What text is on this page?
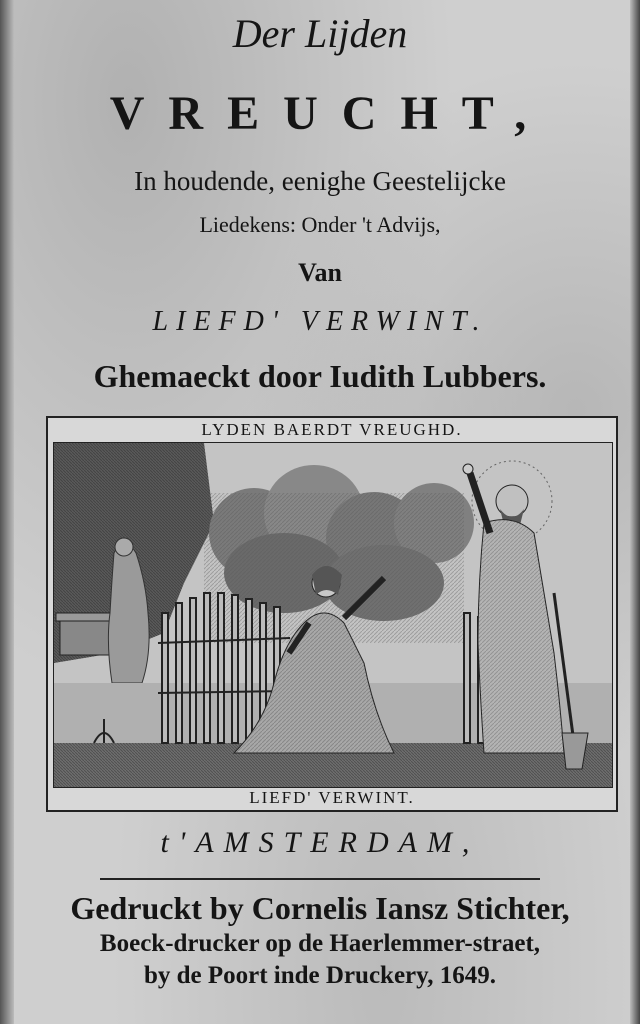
Der Lijden
VREUCHT,
In houdende, eenighe Geestelijcke
Liedekens: Onder 't Advijs,
Van
LIEFD' VERWINT.
Ghemaeckt door Iudith Lubbers.
LYDEN BAERDT VREUGHD.
LIEFD' VERWINT.
t'AMSTERDAM,
Gedruckt by Cornelis Iansz Stichter,
Boeck-drucker op de Haerlemmer-straet,
by de Poort inde Druckery, 1649.
